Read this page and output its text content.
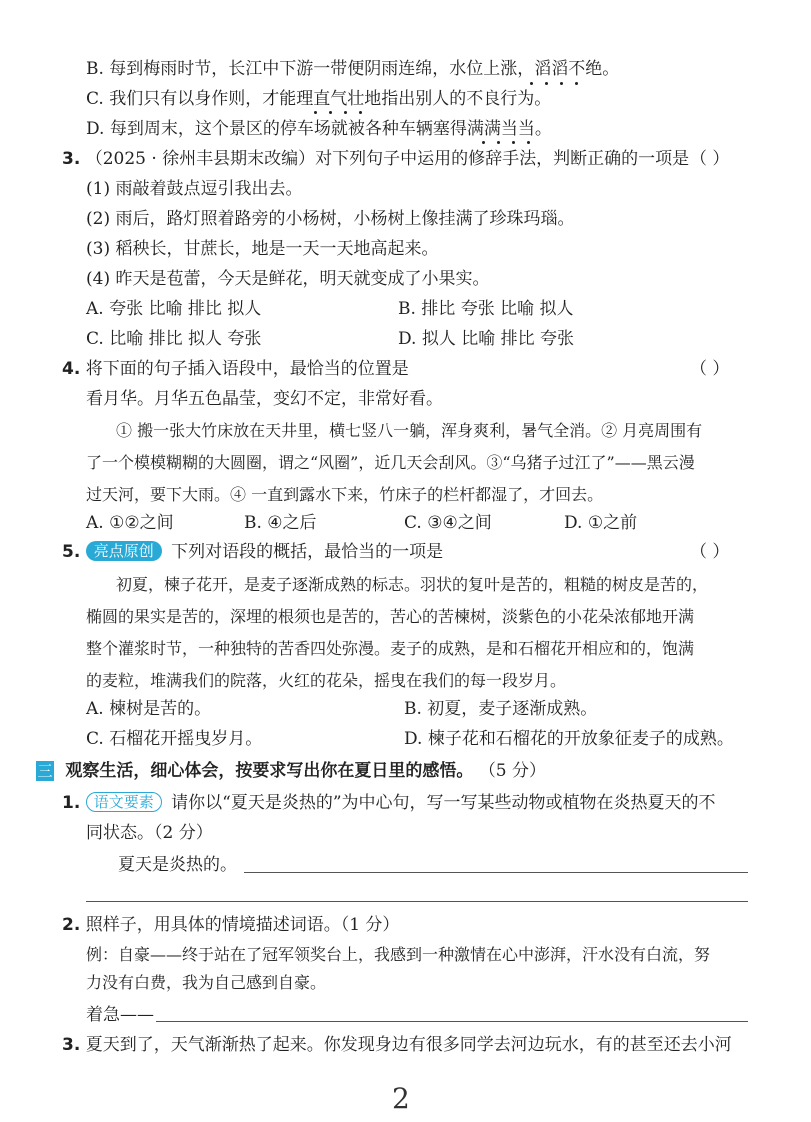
B. 每到梅雨时节，长江中下游一带便阴雨连绵，水位上涨，滔滔不绝。
C. 我们只有以身作则，才能理直气壮地指出别人的不良行为。
D. 每到周末，这个景区的停车场就被各种车辆塞得满满当当。
3. （2025 · 徐州丰县期末改编）对下列句子中运用的修辞手法，判断正确的一项是 （ ）
(1) 雨敲着鼓点逗引我出去。
(2) 雨后，路灯照着路旁的小杨树，小杨树上像挂满了珍珠玛瑙。
(3) 稻秧长，甘蔗长，地是一天一天地高起来。
(4) 昨天是苞蕾，今天是鲜花，明天就变成了小果实。
A. 夸张 比喻 排比 拟人	B. 排比 夸张 比喻 拟人
C. 比喻 排比 拟人 夸张	D. 拟人 比喻 排比 夸张
4. 将下面的句子插入语段中，最恰当的位置是	（ ）
看月华。月华五色晶莹，变幻不定，非常好看。
① 搬一张大竹床放在天井里，横七竖八一躺，浑身爽利，暑气全消。② 月亮周围有
了一个模模糊糊的大圆圈，谓之“风圈”，近几天会刮风。③“乌猪子过江了”——黑云漫
过天河，要下大雨。④ 一直到露水下来，竹床子的栏杆都湿了，才回去。
A. ①②之间	B. ④之后	C. ③④之间	D. ①之前
5. 亮点原创 下列对语段的概括，最恰当的一项是	（ ）
初夏，楝子花开，是麦子逐渐成熟的标志。羽状的复叶是苦的，粗糙的树皮是苦的，
椭圆的果实是苦的，深埋的根须也是苦的，苦心的苦楝树，淡紫色的小花朵浓郁地开满
整个灌浆时节，一种独特的苦香四处弥漫。麦子的成熟，是和石榴花开相应和的，饱满
的麦粒，堆满我们的院落，火红的花朵，摇曳在我们的每一段岁月。
A. 楝树是苦的。	B. 初夏，麦子逐渐成熟。
C. 石榴花开摇曳岁月。	D. 楝子花和石榴花的开放象征麦子的成熟。
三 观察生活，细心体会，按要求写出你在夏日里的感悟。 （5 分）
1. 语文要素 请你以“夏天是炎热的”为中心句，写一写某些动物或植物在炎热夏天的不
同状态。（2 分）
夏天是炎热的。
2. 照样子，用具体的情境描述词语。（1 分）
例：自豪——终于站在了冠军领奖台上，我感到一种激情在心中澎湃，汗水没有白流，努
力没有白费，我为自己感到自豪。
着急——
3. 夏天到了，天气渐渐热了起来。你发现身边有很多同学去河边玩水，有的甚至还去小河
2
